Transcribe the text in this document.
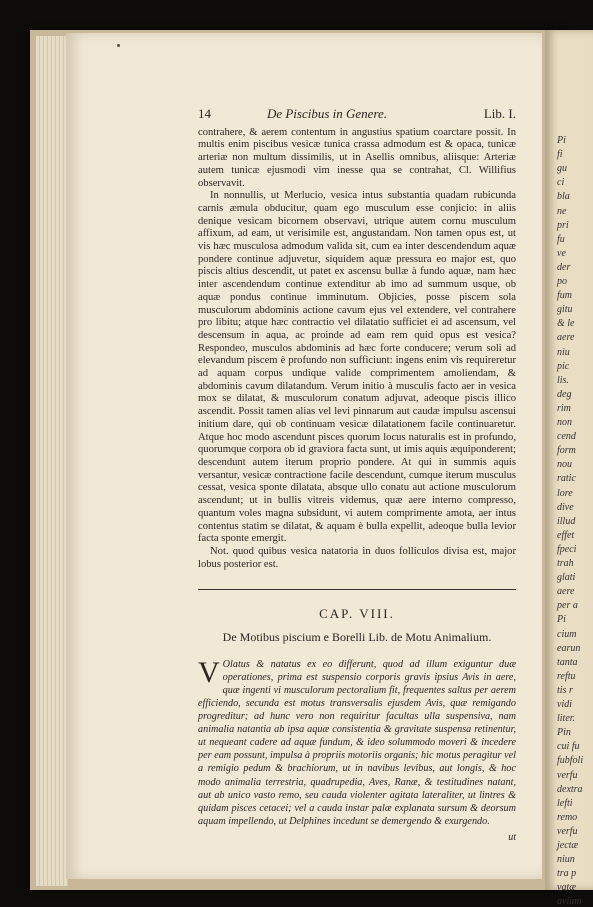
Pi
fi
gu
ci
bla
ne
pri
fu
ve
der
po
fum
gitu
& le
aere
niu
pic
lis.
deg
rim
non
cend
form
nou
ratic
lore
dive
illud
effet
fpeci
trah
glati
aere
per a
Pi
cium
earun
tanta
reftu
tis r
vidi
liter.
Pin
cui fu
fubfoli
verfu
dextra
lefti
remo
verfu
jectæ
niun
tra p
vatæ
avium
14	De Piscibus in Genere.	Lib. I.

contrahere, & aerem contentum in angustius spatium coarctare possit. In multis enim piscibus vesicæ tunica crassa admodum est & opaca, tunicæ arteriæ non multum dissimilis, ut in Asellis omnibus, aliisque: Arteriæ autem tunicæ ejusmodi vim inesse qua se contrahat, Cl. Willifius observavit.

In nonnullis, ut Merlucio, vesica intus substantia quadam rubicunda carnis æmula obducitur, quam ego musculum esse conjicio: in aliis denique vesicam bicornem observavi, utrique autem cornu musculum affixum, ad eam, ut verisimile est, angustandam. Non tamen opus est, ut vis hæc musculosa admodum valida sit, cum ea inter descendendum aquæ pondere continue adjuvetur, siquidem aquæ pressura eo major est, quo piscis altius descendit, ut patet ex ascensu bullæ à fundo aquæ, nam hæc inter ascendendum continue extenditur ab imo ad summum usque, ob aquæ pondus continue imminutum. Objicies, posse piscem sola musculorum abdominis actione cavum ejus vel extendere, vel contrahere pro libitu; atque hæc contractio vel dilatatio sufficiet ei ad ascensum, vel descensum in aqua, ac proinde ad eam rem quid opus est vesica? Respondeo, musculos abdominis ad hæc forte conducere; verum soli ad elevandum piscem è profundo non sufficiunt: ingens enim vis requireretur ad aquam corpus undique valide comprimentem amoliendam, & abdominis cavum dilatandum. Verum initio à musculis facto aer in vesica mox se dilatat, & musculorum conatum adjuvat, adeoque piscis illico ascendit. Possit tamen alias vel levi pinnarum aut caudæ impulsu ascensui initium dare, qui ob continuam vesicæ dilatationem facile continuaretur. Atque hoc modo ascendunt pisces quorum locus naturalis est in profundo, quorumque corpora ob id graviora facta sunt, ut imis aquis æquiponderent; descendunt autem iterum proprio pondere. At qui in summis aquis versantur, vesicæ contractione facile descendunt, cumque iterum musculus cessat, vesica sponte dilatata, absque ullo conatu aut actione musculorum ascendunt; ut in bullis vitreis videmus, quæ aere interno compresso, quantum voles magna subsidunt, vi autem comprimente amota, aer intus contentus statim se dilatat, & aquam è bulla expellit, adeoque bulla levior facta sponte emergit.

Not. quod quibus vesica natatoria in duos folliculos divisa est, major lobus posterior est.

CAP. VIII.
De Motibus piscium e Borelli Lib. de Motu Animalium.
V Olatus & natatus ex eo differunt, quod ad illum exiguntur duæ operationes, prima est suspensio corporis gravis ipsius Avis in aere, quæ ingenti vi musculorum pectoralium fit, frequentes saltus per aerem efficiendo, secunda est motus transversalis ejusdem Avis, quæ remigando progreditur; ad hunc vero non requiritur facultas ulla suspensiva, nam animalia natantia ab ipsa aquæ consistentia & gravitate suspensa retinentur, ut nequeant cadere ad aquæ fundum, & ideo solummodo moveri & incedere per eam possunt, impulsa à propriis motoriis organis; hic motus peragitur vel a remigio pedum & brachiorum, ut in navibus levibus, aut longis, & hoc modo animalia terrestria, quadrupedia, Aves, Ranæ, & testitudines natant, aut ab unico vasto remo, seu cauda violenter agitata lateraliter, ut lintres & quidam pisces cetacei; vel a cauda instar palæ explanata sursum & deorsum aquam impellendo, ut Delphines incedunt se demergendo & exurgendo.
ut
